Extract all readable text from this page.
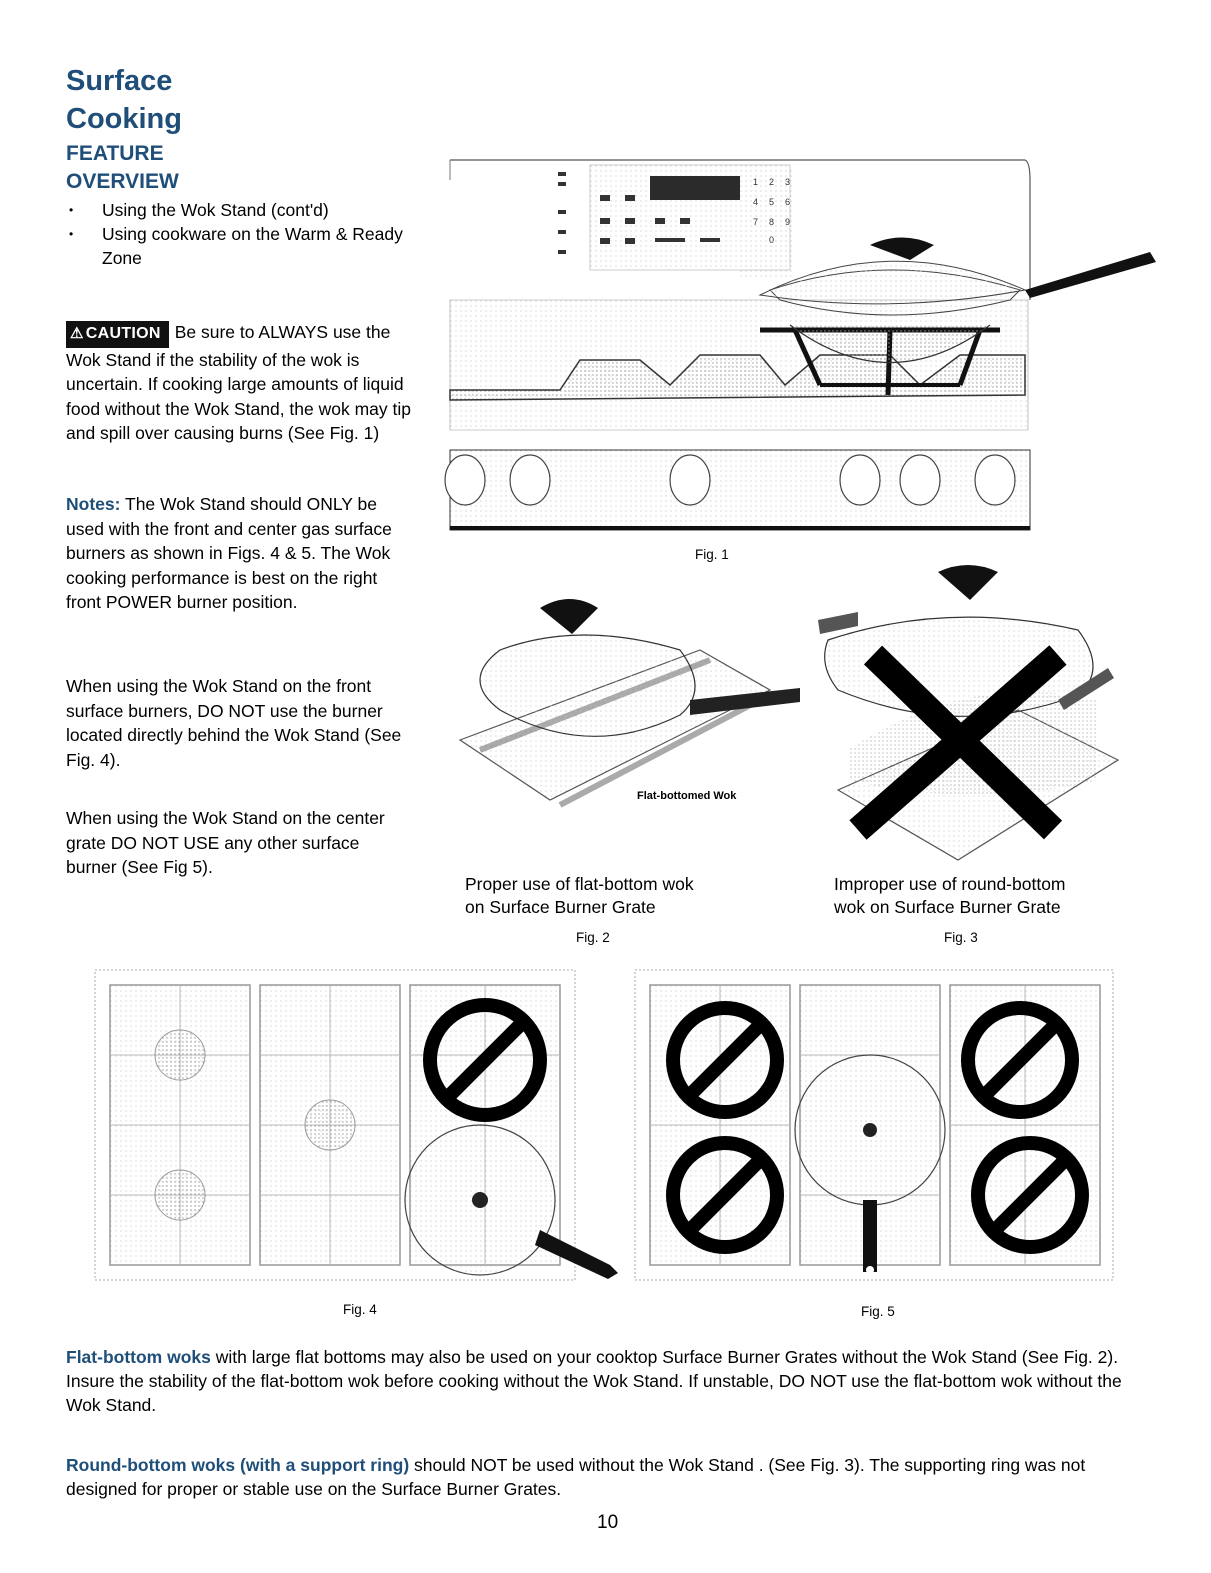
Surface
Cooking
FEATURE
OVERVIEW
• Using the Wok Stand (cont'd)
• Using cookware on the Warm & Ready Zone
⚠ CAUTION Be sure to ALWAYS use the Wok Stand if the stability of the wok is uncertain. If cooking large amounts of liquid food without the Wok Stand, the wok may tip and spill over causing burns (See Fig. 1)
Notes: The Wok Stand should ONLY be used with the front and center gas surface burners as shown in Figs. 4 & 5. The Wok cooking performance is best on the right front POWER burner position.
When using the Wok Stand on the front surface burners, DO NOT use the burner located directly behind the Wok Stand (See Fig. 4).
When using the Wok Stand on the center grate DO NOT USE any other surface burner (See Fig 5).
1 2 3
4 5 6
7 8 9
0
Fig. 1
Flat-bottomed Wok
Proper use of flat-bottom wok
on Surface Burner Grate
Fig. 2
Improper use of round-bottom
wok on Surface Burner Grate
Fig. 3
Fig. 4	Fig. 5
Flat-bottom woks with large flat bottoms may also be used on your cooktop Surface Burner Grates without the Wok Stand (See Fig. 2). Insure the stability of the flat-bottom wok before cooking without the Wok Stand. If unstable, DO NOT use the flat-bottom wok without the Wok Stand.
Round-bottom woks (with a support ring) should NOT be used without the Wok Stand . (See Fig. 3). The supporting ring was not designed for proper or stable use on the Surface Burner Grates.
10
